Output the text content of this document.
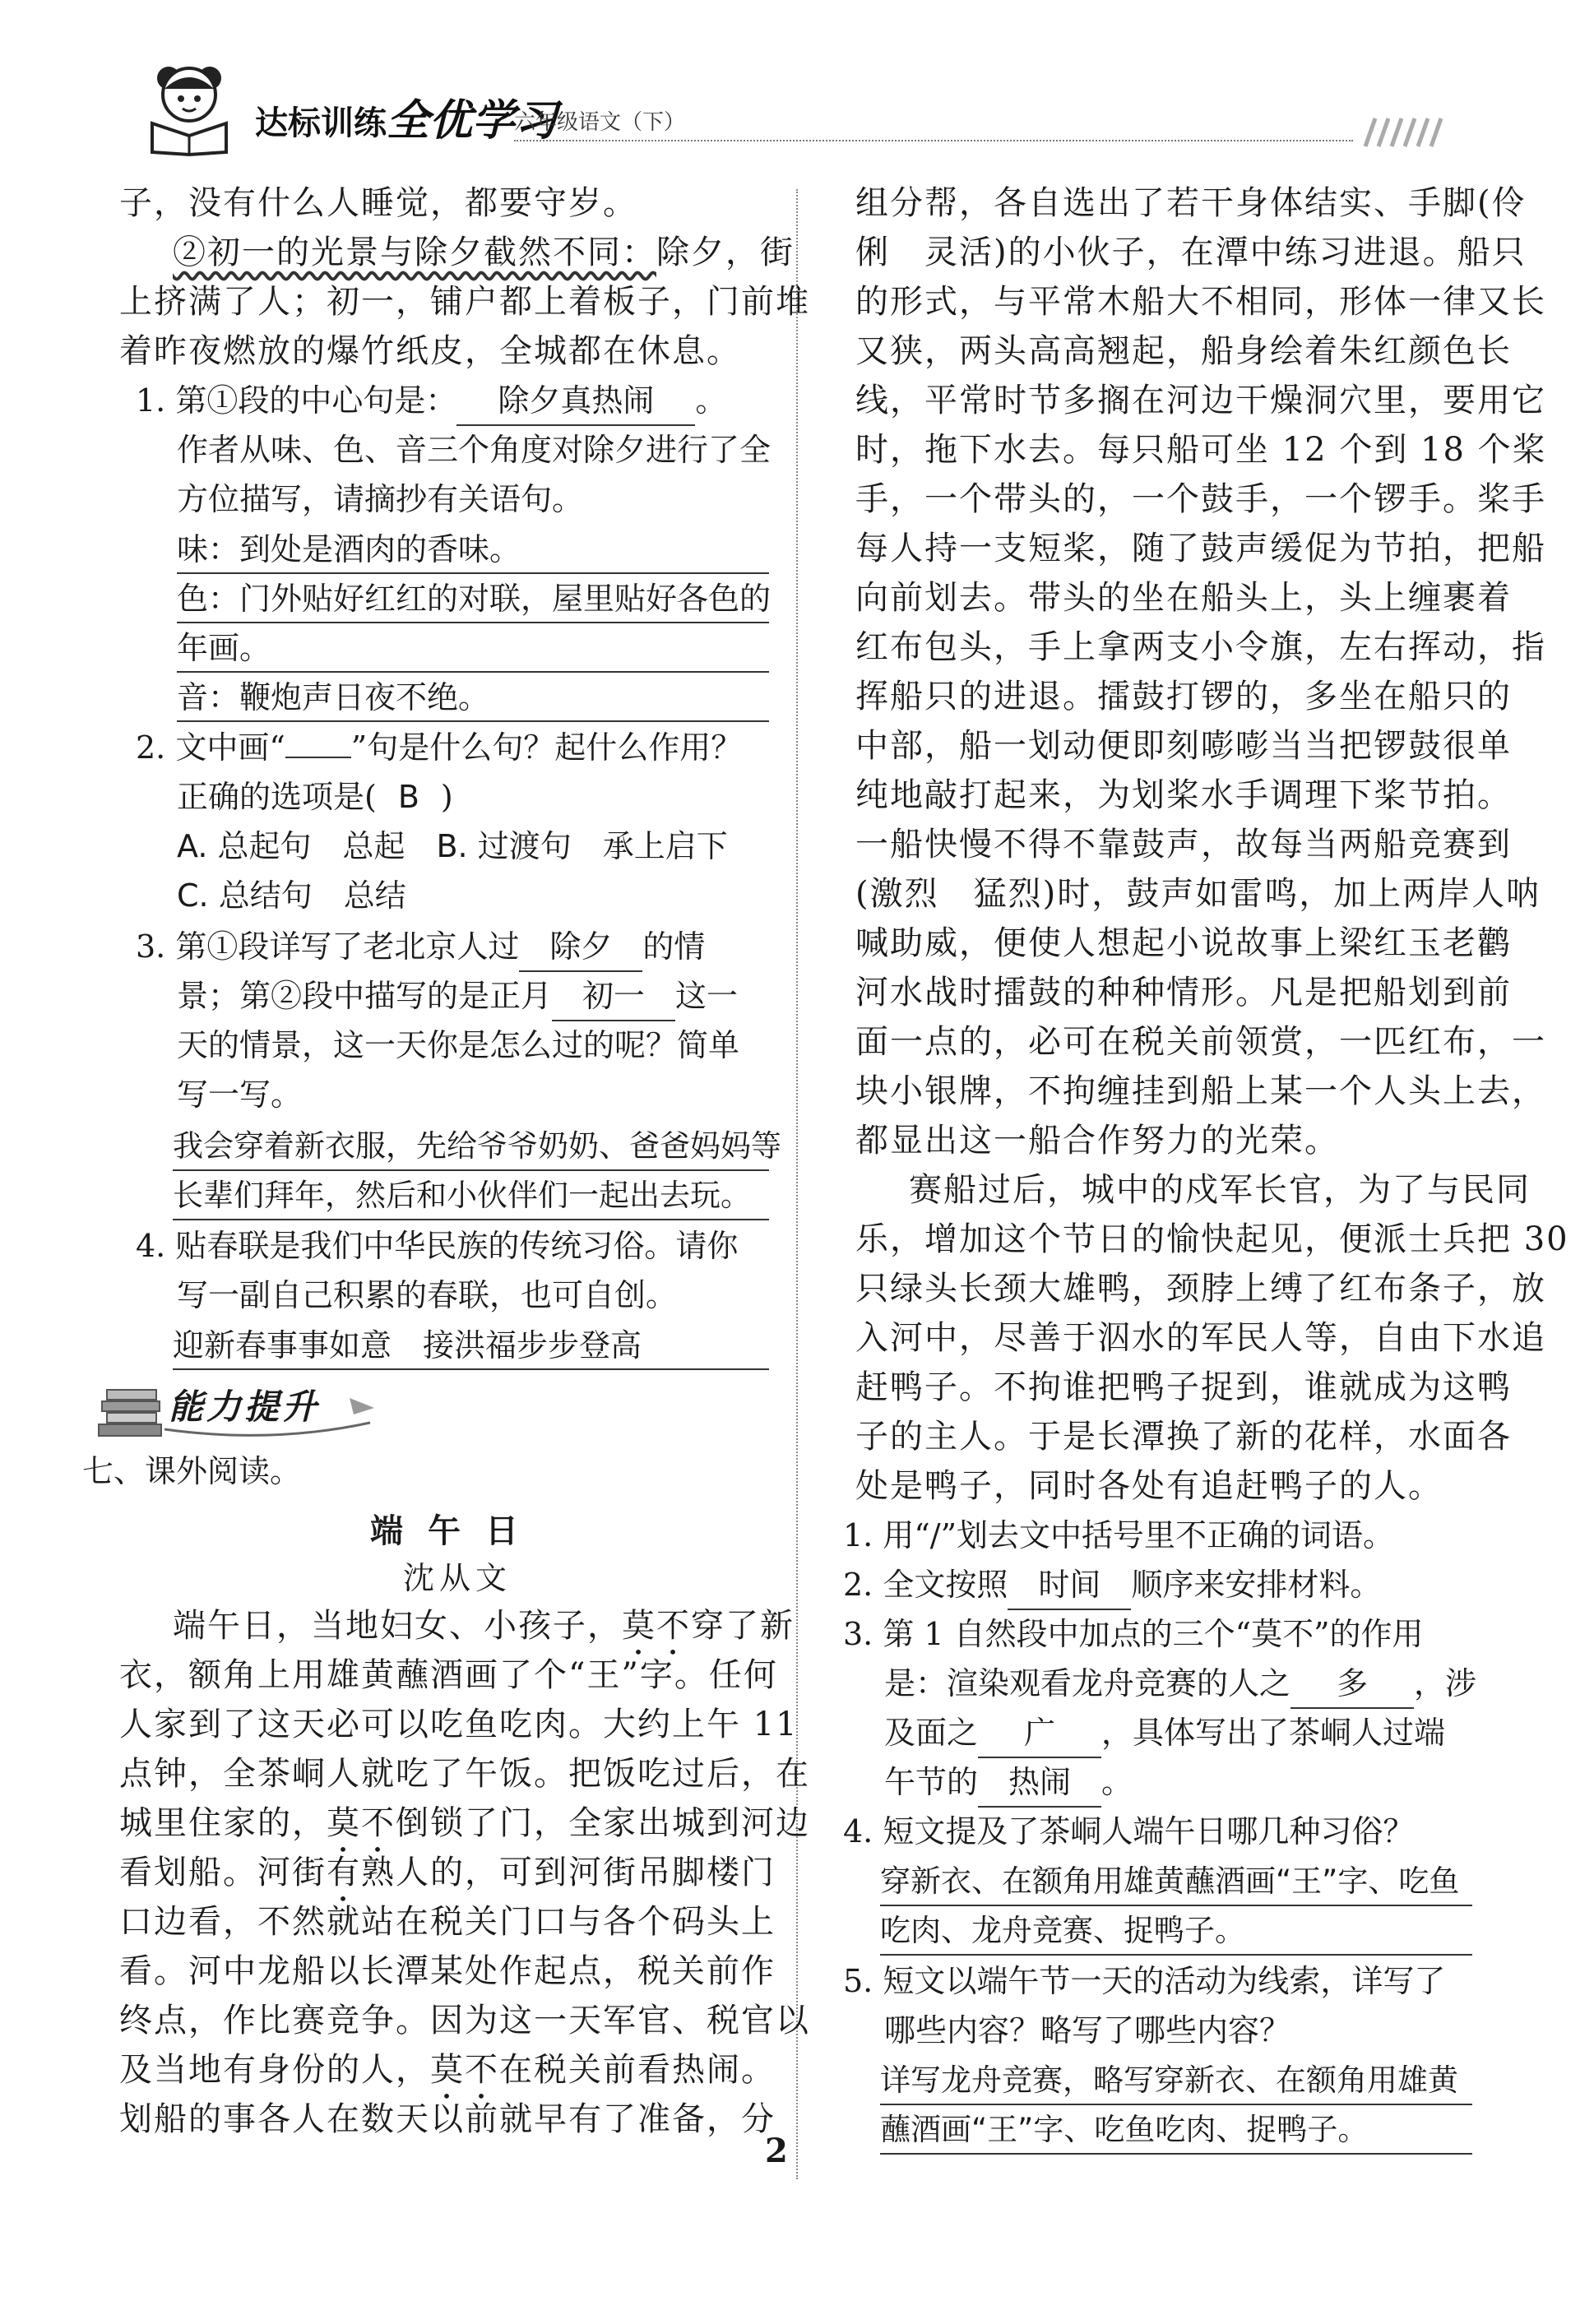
达标训练 全优学习
六年级语文（下）
子，没有什么人睡觉，都要守岁。
②初一的光景与除夕截然不同：除夕，街
上挤满了人；初一，铺户都上着板子，门前堆
着昨夜燃放的爆竹纸皮，全城都在休息。
1. 第①段的中心句是： 除夕真热闹 。
作者从味、色、音三个角度对除夕进行了全
方位描写，请摘抄有关语句。
味：到处是酒肉的香味。
色：门外贴好红红的对联，屋里贴好各色的
年画。
音：鞭炮声日夜不绝。
2. 文中画“ ”句是什么句？起什么作用？
正确的选项是( B )
A. 总起句　总起　B. 过渡句　承上启下
C. 总结句　总结
3. 第①段详写了老北京人过 除夕 的情
景；第②段中描写的是正月 初一 这一
天的情景，这一天你是怎么过的呢？简单
写一写。
我会穿着新衣服，先给爷爷奶奶、爸爸妈妈等
长辈们拜年，然后和小伙伴们一起出去玩。
4. 贴春联是我们中华民族的传统习俗。请你
写一副自己积累的春联，也可自创。
迎新春事事如意　接洪福步步登高
能力提升
七、课外阅读。
端午日
沈从文
端午日，当地妇女、小孩子，莫不穿了新
衣，额角上用雄黄蘸酒画了个“王”字。任何
人家到了这天必可以吃鱼吃肉。大约上午 11
点钟，全茶峒人就吃了午饭。把饭吃过后，在
城里住家的，莫不倒锁了门，全家出城到河边
看划船。河街有熟人的，可到河街吊脚楼门
口边看，不然就站在税关门口与各个码头上
看。河中龙船以长潭某处作起点，税关前作
终点，作比赛竞争。因为这一天军官、税官以
及当地有身份的人，莫不在税关前看热闹。
划船的事各人在数天以前就早有了准备，分
组分帮，各自选出了若干身体结实、手脚(伶
俐　灵活)的小伙子，在潭中练习进退。船只
的形式，与平常木船大不相同，形体一律又长
又狭，两头高高翘起，船身绘着朱红颜色长
线，平常时节多搁在河边干燥洞穴里，要用它
时，拖下水去。每只船可坐 12 个到 18 个桨
手，一个带头的，一个鼓手，一个锣手。桨手
每人持一支短桨，随了鼓声缓促为节拍，把船
向前划去。带头的坐在船头上，头上缠裹着
红布包头，手上拿两支小令旗，左右挥动，指
挥船只的进退。擂鼓打锣的，多坐在船只的
中部，船一划动便即刻嘭嘭当当把锣鼓很单
纯地敲打起来，为划桨水手调理下桨节拍。
一船快慢不得不靠鼓声，故每当两船竞赛到
(激烈　猛烈)时，鼓声如雷鸣，加上两岸人呐
喊助威，便使人想起小说故事上梁红玉老鹳
河水战时擂鼓的种种情形。凡是把船划到前
面一点的，必可在税关前领赏，一匹红布，一
块小银牌，不拘缠挂到船上某一个人头上去，
都显出这一船合作努力的光荣。
赛船过后，城中的戍军长官，为了与民同
乐，增加这个节日的愉快起见，便派士兵把 30
只绿头长颈大雄鸭，颈脖上缚了红布条子，放
入河中，尽善于泅水的军民人等，自由下水追
赶鸭子。不拘谁把鸭子捉到，谁就成为这鸭
子的主人。于是长潭换了新的花样，水面各
处是鸭子，同时各处有追赶鸭子的人。
1. 用“/”划去文中括号里不正确的词语。
2. 全文按照 时间 顺序来安排材料。
3. 第 1 自然段中加点的三个“莫不”的作用
是：渲染观看龙舟竞赛的人之 多 ，涉
及面之 广 ，具体写出了茶峒人过端
午节的 热闹 。
4. 短文提及了茶峒人端午日哪几种习俗？
穿新衣、在额角用雄黄蘸酒画“王”字、吃鱼
吃肉、龙舟竞赛、捉鸭子。
5. 短文以端午节一天的活动为线索，详写了
哪些内容？略写了哪些内容？
详写龙舟竞赛，略写穿新衣、在额角用雄黄
蘸酒画“王”字、吃鱼吃肉、捉鸭子。
2
